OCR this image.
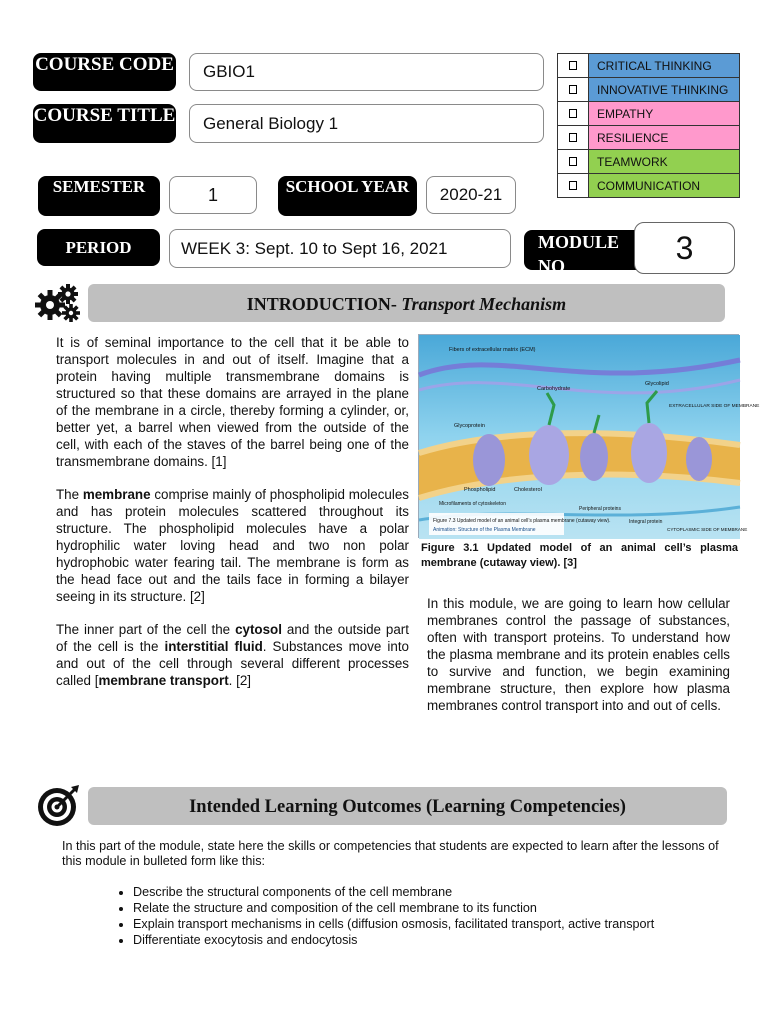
COURSE CODE GBIO1
COURSE TITLE General Biology 1
SEMESTER	1	SCHOOL YEAR	2020-21
	CRITICAL THINKING
	INNOVATIVE THINKING
	EMPATHY
	RESILIENCE
	TEAMWORK
	COMMUNICATION
PERIOD	WEEK 3: Sept. 10 to Sept 16, 2021	MODULE NO
3
INTRODUCTION- Transport Mechanism

It is of seminal importance to the cell that it be able to transport molecules in and out of itself. Imagine that a protein having multiple transmembrane domains is structured so that these domains are arrayed in the plane of the membrane in a circle, thereby forming a cylinder, or, better yet, a barrel when viewed from the outside of the cell, with each of the staves of the barrel being one of the transmembrane domains. [1]

The membrane comprise mainly of phospholipid molecules and has protein molecules scattered throughout its structure. The phospholipid molecules have a polar hydrophilic water loving head and two non polar hydrophobic water fearing tail. The membrane is form as the head face out and the tails face in forming a bilayer seeing in its structure. [2]

The inner part of the cell the cytosol and the outside part of the cell is the interstitial fluid. Substances move into and out of the cell through several different processes called [membrane transport. [2]

Figure 7.3 Updated model of an animal cell’s plasma membrane (cutaway view).
Animation: Structure of the Plasma Membrane
Fibers of extracellular matrix (ECM)
Glycoprotein
Carbohydrate
Glycolipid
EXTRACELLULAR SIDE OF MEMBRANE
Phospholipid	Cholesterol
Microfilaments of cytoskeleton
Peripheral proteins
Integral protein
CYTOPLASMIC SIDE OF MEMBRANE
Figure 3.1 Updated model of an animal cell’s plasma membrane (cutaway view). [3]
In this module, we are going to learn how cellular membranes control the passage of substances, often with transport proteins. To understand how the plasma membrane and its protein enables cells to survive and function, we begin examining membrane structure, then explore how plasma membranes control transport into and out of cells.
Intended Learning Outcomes (Learning Competencies)
In this part of the module, state here the skills or competencies that students are expected to learn after the lessons of this module in bulleted form like this:
• Describe the structural components of the cell membrane
• Relate the structure and composition of the cell membrane to its function
• Explain transport mechanisms in cells (diffusion osmosis, facilitated transport, active transport
• Differentiate exocytosis and endocytosis
